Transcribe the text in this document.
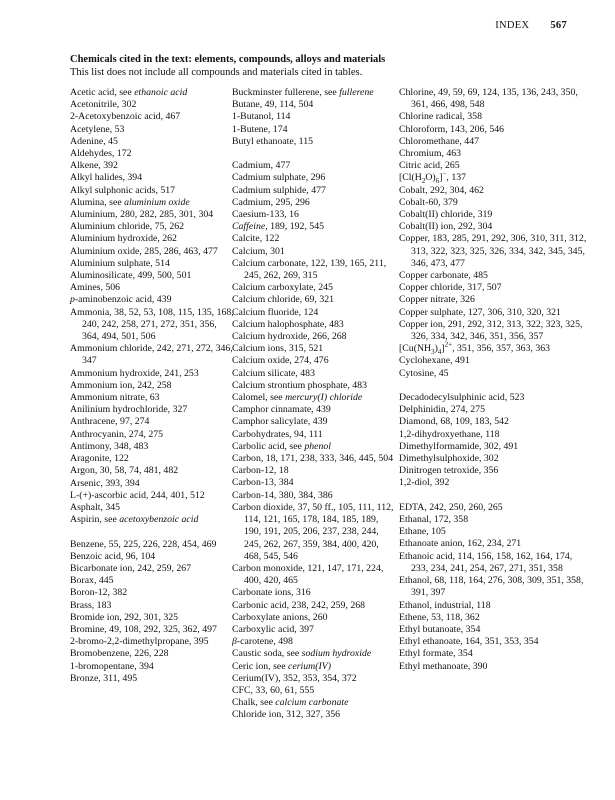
INDEX 567
Chemicals cited in the text: elements, compounds, alloys and materials
This list does not include all compounds and materials cited in tables.
Acetic acid, see ethanoic acid
Acetonitrile, 302
2-Acetoxybenzoic acid, 467
Acetylene, 53
Adenine, 45
Aldehydes, 172
Alkene, 392
Alkyl halides, 394
Alkyl sulphonic acids, 517
Alumina, see aluminium oxide
Aluminium, 280, 282, 285, 301, 304
Aluminium chloride, 75, 262
Aluminium hydroxide, 262
Aluminium oxide, 285, 286, 463, 477
Aluminium sulphate, 514
Aluminosilicate, 499, 500, 501
Amines, 506
p-aminobenzoic acid, 439
Ammonia, 38, 52, 53, 108, 115, 135, 168, 240, 242, 258, 271, 272, 351, 356, 364, 494, 501, 506
Ammonium chloride, 242, 271, 272, 346, 347
Ammonium hydroxide, 241, 253
Ammonium ion, 242, 258
Ammonium nitrate, 63
Anilinium hydrochloride, 327
Anthracene, 97, 274
Anthrocyanin, 274, 275
Antimony, 348, 483
Aragonite, 122
Argon, 30, 58, 74, 481, 482
Arsenic, 393, 394
L-(+)-ascorbic acid, 244, 401, 512
Asphalt, 345
Aspirin, see acetoxybenzoic acid
Benzene, 55, 225, 226, 228, 454, 469
Benzoic acid, 96, 104
Bicarbonate ion, 242, 259, 267
Borax, 445
Boron-12, 382
Brass, 183
Bromide ion, 292, 301, 325
Bromine, 49, 108, 292, 325, 362, 497
2-bromo-2,2-dimethylpropane, 395
Bromobenzene, 226, 228
1-bromopentane, 394
Bronze, 311, 495
Buckminster fullerene, see fullerene
Butane, 49, 114, 504
1-Butanol, 114
1-Butene, 174
Butyl ethanoate, 115
Cadmium, 477
Cadmium sulphate, 296
Cadmium sulphide, 477
Cadmium, 295, 296
Caesium-133, 16
Caffeine, 189, 192, 545
Calcite, 122
Calcium, 301
Calcium carbonate, 122, 139, 165, 211, 245, 262, 269, 315
Calcium carboxylate, 245
Calcium chloride, 69, 321
Calcium fluoride, 124
Calcium halophosphate, 483
Calcium hydroxide, 266, 268
Calcium ions, 315, 521
Calcium oxide, 274, 476
Calcium silicate, 483
Calcium strontium phosphate, 483
Calomel, see mercury(I) chloride
Camphor cinnamate, 439
Camphor salicylate, 439
Carbohydrates, 94, 111
Carbolic acid, see phenol
Carbon, 18, 171, 238, 333, 346, 445, 504
Carbon-12, 18
Carbon-13, 384
Carbon-14, 380, 384, 386
Carbon dioxide, 37, 50 ff., 105, 111, 112, 114, 121, 165, 178, 184, 185, 189, 190, 191, 205, 206, 237, 238, 244, 245, 262, 267, 359, 384, 400, 420, 468, 545, 546
Carbon monoxide, 121, 147, 171, 224, 400, 420, 465
Carbonate ions, 316
Carbonic acid, 238, 242, 259, 268
Carboxylate anions, 260
Carboxylic acid, 397
β-carotene, 498
Caustic soda, see sodium hydroxide
Ceric ion, see cerium(IV)
Cerium(IV), 352, 353, 354, 372
CFC, 33, 60, 61, 555
Chalk, see calcium carbonate
Chloride ion, 312, 327, 356
Chlorine, 49, 59, 69, 124, 135, 136, 243, 350, 361, 466, 498, 548
Chlorine radical, 358
Chloroform, 143, 206, 546
Chloromethane, 447
Chromium, 463
Citric acid, 265
$[Cl(H_2O)_6]^-$, 137
Cobalt, 292, 304, 462
Cobalt-60, 379
Cobalt(II) chloride, 319
Cobalt(II) ion, 292, 304
Copper, 183, 285, 291, 292, 306, 310, 311, 312, 313, 322, 323, 325, 326, 334, 342, 345, 345, 346, 473, 477
Copper carbonate, 485
Copper chloride, 317, 507
Copper nitrate, 326
Copper sulphate, 127, 306, 310, 320, 321
Copper ion, 291, 292, 312, 313, 322, 323, 325, 326, 334, 342, 346, 351, 356, 357
$[Cu(NH_3)_4]^{2+}$, 351, 356, 357, 363, 363
Cyclohexane, 491
Cytosine, 45
Decadodecylsulphinic acid, 523
Delphinidin, 274, 275
Diamond, 68, 109, 183, 542
1,2-dihydroxyethane, 118
Dimethylformamide, 302, 491
Dimethylsulphoxide, 302
Dinitrogen tetroxide, 356
1,2-diol, 392
EDTA, 242, 250, 260, 265
Ethanal, 172, 358
Ethane, 105
Ethanoate anion, 162, 234, 271
Ethanoic acid, 114, 156, 158, 162, 164, 174, 233, 234, 241, 254, 267, 271, 351, 358
Ethanol, 68, 118, 164, 276, 308, 309, 351, 358, 391, 397
Ethanol, industrial, 118
Ethene, 53, 118, 362
Ethyl butanoate, 354
Ethyl ethanoate, 164, 351, 353, 354
Ethyl formate, 354
Ethyl methanoate, 390
